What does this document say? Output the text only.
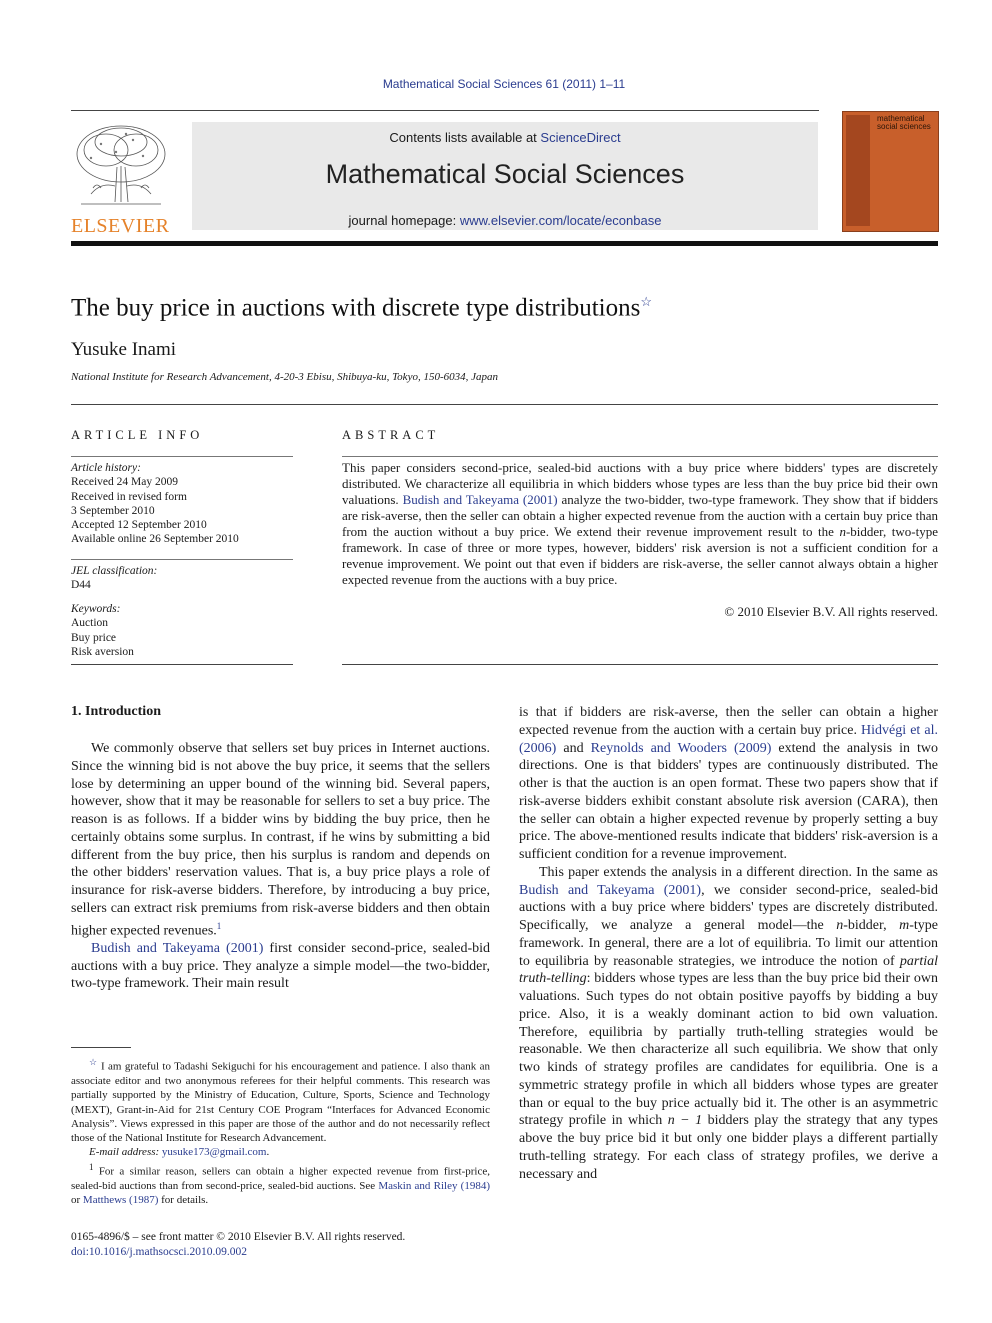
Mathematical Social Sciences 61 (2011) 1–11
ELSEVIER
Contents lists available at ScienceDirect
Mathematical Social Sciences
journal homepage: www.elsevier.com/locate/econbase
mathematical social sciences
The buy price in auctions with discrete type distributions☆
Yusuke Inami
National Institute for Research Advancement, 4-20-3 Ebisu, Shibuya-ku, Tokyo, 150-6034, Japan
ARTICLE INFO
Article history:
Received 24 May 2009
Received in revised form
3 September 2010
Accepted 12 September 2010
Available online 26 September 2010
JEL classification:
D44
Keywords:
Auction
Buy price
Risk aversion
ABSTRACT
This paper considers second-price, sealed-bid auctions with a buy price where bidders' types are discretely distributed. We characterize all equilibria in which bidders whose types are less than the buy price bid their own valuations. Budish and Takeyama (2001) analyze the two-bidder, two-type framework. They show that if bidders are risk-averse, then the seller can obtain a higher expected revenue from the auction with a certain buy price than from the auction without a buy price. We extend their revenue improvement result to the n-bidder, two-type framework. In case of three or more types, however, bidders' risk aversion is not a sufficient condition for a revenue improvement. We point out that even if bidders are risk-averse, the seller cannot always obtain a higher expected revenue from the auctions with a buy price.
© 2010 Elsevier B.V. All rights reserved.
1. Introduction

We commonly observe that sellers set buy prices in Internet auctions. Since the winning bid is not above the buy price, it seems that the sellers lose by determining an upper bound of the winning bid. Several papers, however, show that it may be reasonable for sellers to set a buy price. The reason is as follows. If a bidder wins by bidding the buy price, then he certainly obtains some surplus. In contrast, if he wins by submitting a bid different from the buy price, then his surplus is random and depends on the other bidders' reservation values. That is, a buy price plays a role of insurance for risk-averse bidders. Therefore, by introducing a buy price, sellers can extract risk premiums from risk-averse bidders and then obtain higher expected revenues.$^1$

Budish and Takeyama (2001) first consider second-price, sealed-bid auctions with a buy price. They analyze a simple model—the two-bidder, two-type framework. Their main result

☆ I am grateful to Tadashi Sekiguchi for his encouragement and patience. I also thank an associate editor and two anonymous referees for their helpful comments. This research was partially supported by the Ministry of Education, Culture, Sports, Science and Technology (MEXT), Grant-in-Aid for 21st Century COE Program “Interfaces for Advanced Economic Analysis”. Views expressed in this paper are those of the author and do not necessarily reflect those of the National Institute for Research Advancement.

E-mail address: yusuke173@gmail.com.

$^1$ For a similar reason, sellers can obtain a higher expected revenue from first-price, sealed-bid auctions than from second-price, sealed-bid auctions. See Maskin and Riley (1984) or Matthews (1987) for details.

0165-4896/$ – see front matter © 2010 Elsevier B.V. All rights reserved.
doi:10.1016/j.mathsocsci.2010.09.002

is that if bidders are risk-averse, then the seller can obtain a higher expected revenue from the auction with a certain buy price. Hidvégi et al. (2006) and Reynolds and Wooders (2009) extend the analysis in two directions. One is that bidders' types are continuously distributed. The other is that the auction is an open format. These two papers show that if risk-averse bidders exhibit constant absolute risk aversion (CARA), then the seller can obtain a higher expected revenue by properly setting a buy price. The above-mentioned results indicate that bidders' risk-aversion is a sufficient condition for a revenue improvement.

This paper extends the analysis in a different direction. In the same as Budish and Takeyama (2001), we consider second-price, sealed-bid auctions with a buy price where bidders' types are discretely distributed. Specifically, we analyze a general model—the n-bidder, m-type framework. In general, there are a lot of equilibria. To limit our attention to equilibria by reasonable strategies, we introduce the notion of partial truth-telling: bidders whose types are less than the buy price bid their own valuations. Such types do not obtain positive payoffs by bidding a buy price. Also, it is a weakly dominant action to bid own valuation. Therefore, equilibria by partially truth-telling strategies would be reasonable. We then characterize all such equilibria. We show that only two kinds of strategy profiles are candidates for equilibria. One is a symmetric strategy profile in which all bidders whose types are greater than or equal to the buy price actually bid it. The other is an asymmetric strategy profile in which n − 1 bidders play the strategy that any types above the buy price bid it but only one bidder plays a different partially truth-telling strategy. For each class of strategy profiles, we derive a necessary and
